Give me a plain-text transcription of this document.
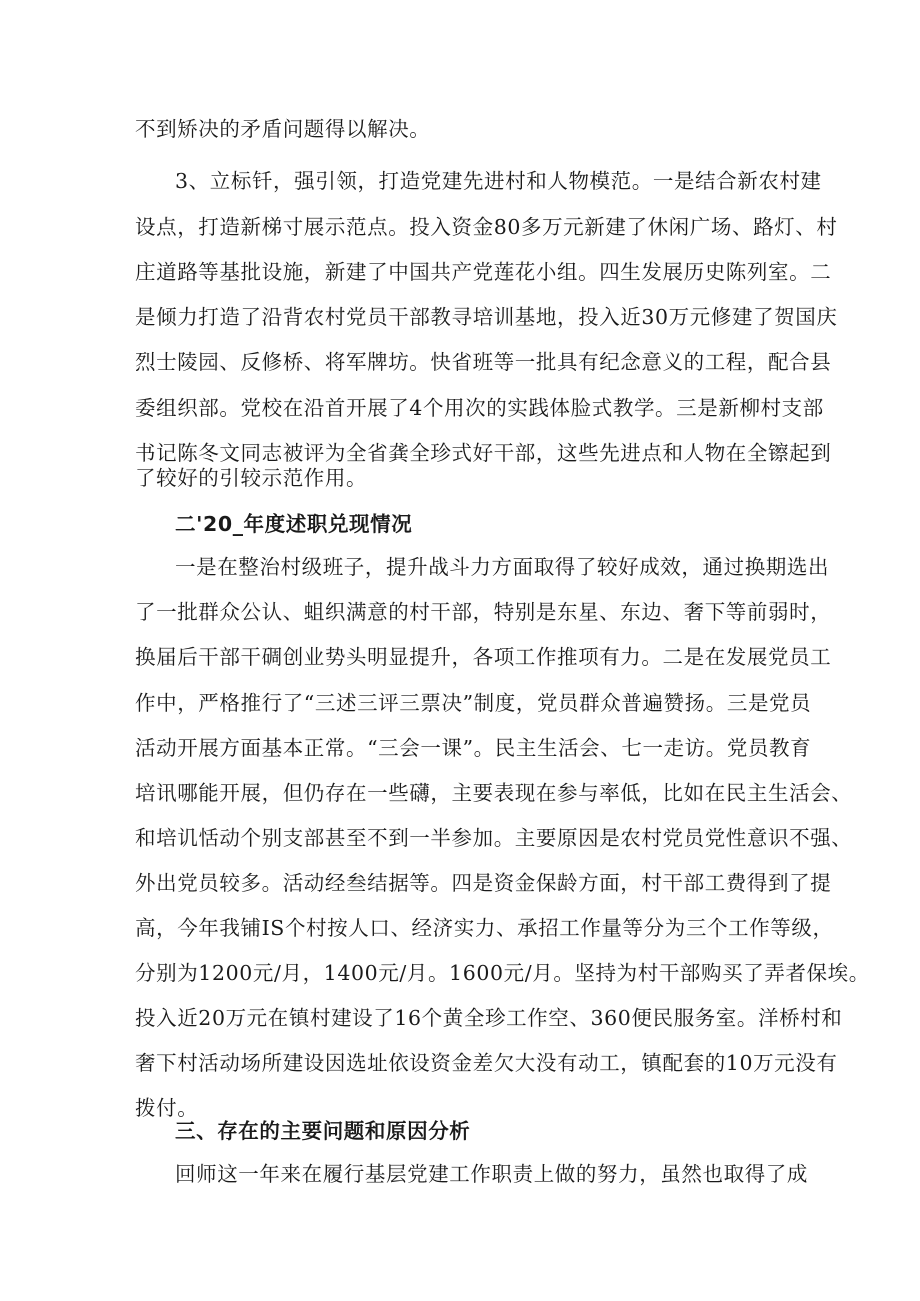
不到矫决的矛盾问题得以解决。
3、立标钎，强引领，打造党建先进村和人物模范。一是结合新农村建
设点，打造新梯寸展示范点。投入资金80多万元新建了休闲广场、路灯、村
庄道路等基批设施，新建了中国共产党莲花小组。四生发展历史陈列室。二
是倾力打造了沿背农村党员干部教寻培训基地，投入近30万元修建了贺国庆
烈士陵园、反修桥、将军牌坊。快省班等一批具有纪念意义的工程，配合县
委组织部。党校在沿首开展了4个用次的实践体脸式教学。三是新柳村支部
书记陈冬文同志被评为全省龚全珍式好干部，这些先进点和人物在全镲起到
了较好的引较示范作用。
二'20_年度述职兑现情况
一是在整治村级班子，提升战斗力方面取得了较好成效，通过换期选出
了一批群众公认、蛆织满意的村干部，特别是东星、东边、奢下等前弱时，
换届后干部干碉创业势头明显提升，各项工作推项有力。二是在发展党员工
作中，严格推行了“三述三评三票决”制度，党员群众普遍赞扬。三是党员
活动开展方面基本正常。“三会一课”。民主生活会、七一走访。党员教育
培讯哪能开展，但仍存在一些礴，主要表现在参与率低，比如在民主生活会、
和培讥恬动个别支部甚至不到一半参加。主要原因是农村党员党性意识不强、
外出党员较多。活动经叁结据等。四是资金保龄方面，村干部工费得到了提
高，今年我铺IS个村按人口、经济实力、承招工作量等分为三个工作等级，
分别为1200元/月，1400元/月。1600元/月。坚持为村干部购买了弄者保埃。
投入近20万元在镇村建设了16个黄全珍工作空、360便民服务室。洋桥村和
奢下村活动场所建设因选址依设资金差欠大没有动工，镇配套的10万元没有
拨付。
三、存在的主要问题和原因分析
回师这一年来在履行基层党建工作职责上做的努力，虽然也取得了成
